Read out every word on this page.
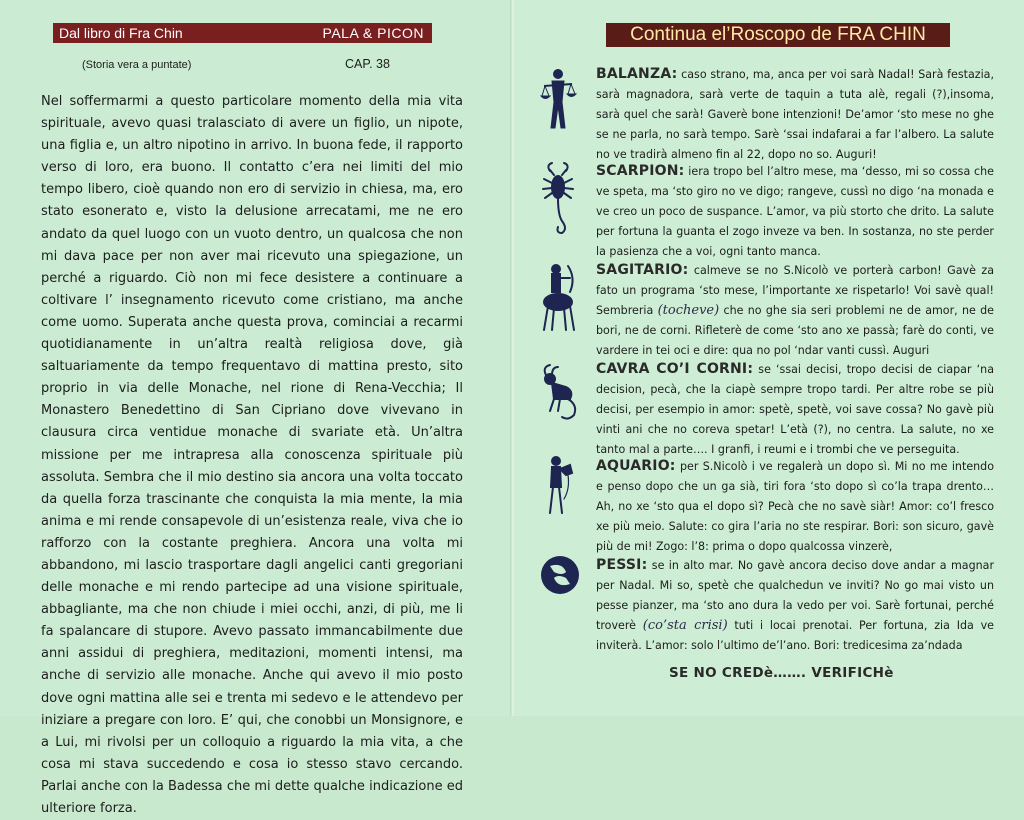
Dal libro di Fra Chin	PALA & PICON
(Storia vera a puntate)	CAP. 38
Nel soffermarmi a questo particolare momento della mia vita spirituale, avevo quasi tralasciato di avere un figlio, un nipote, una figlia e, un altro nipotino in arrivo. In buona fede, il rapporto verso di loro, era buono. Il contatto c’era nei limiti del mio tempo libero, cioè quando non ero di servizio in chiesa, ma, ero stato esonerato e, visto la delusione arrecatami, me ne ero andato da quel luogo con un vuoto dentro, un qualcosa che non mi dava pace per non aver mai ricevuto una spiegazione, un perché a riguardo. Ciò non mi fece desistere a continuare a coltivare l’ insegnamento ricevuto come cristiano, ma anche come uomo. Superata anche questa prova, cominciai a recarmi quotidianamente in un’altra realtà religiosa dove, già saltuariamente da tempo frequentavo di mattina presto, sito proprio in via delle Monache, nel rione di Rena-Vecchia; Il Monastero Benedettino di San Cipriano dove vivevano in clausura circa ventidue monache di svariate età. Un’altra missione per me intrapresa alla conoscenza spirituale più assoluta. Sembra che il mio destino sia ancora una volta toccato da quella forza trascinante che conquista la mia mente, la mia anima e mi rende consapevole di un’esistenza reale, viva che io rafforzo con la costante preghiera. Ancora una volta mi abbandono, mi lascio trasportare dagli angelici canti gregoriani delle monache e mi rendo partecipe ad una visione spirituale, abbagliante, ma che non chiude i miei occhi, anzi, di più, me li fa spalancare di stupore. Avevo passato immancabilmente due anni assidui di preghiera, meditazioni, momenti intensi, ma anche di servizio alle monache. Anche qui avevo il mio posto dove ogni mattina alle sei e trenta mi sedevo e le attendevo per iniziare a pregare con loro. E’ qui, che conobbi un Monsignore, e a Lui, mi rivolsi per un colloquio a riguardo la mia vita, a che cosa mi stava succedendo e cosa io stesso stavo cercando. Parlai anche con la Badessa che mi dette qualche indicazione ed ulteriore forza.
Continua el’Roscopo de FRA CHIN
BALANZA: caso strano, ma, anca per voi sarà Nadal! Sarà festazia, sarà magnadora, sarà verte de taquin a tuta alè, regali (?),insoma, sarà quel che sarà! Gaverè bone intenzioni! De’amor ‘sto mese no ghe se ne parla, no sarà tempo. Sarè ‘ssai indafarai a far l’albero. La salute no ve tradirà almeno fin al 22, dopo no so. Auguri!
SCARPION: iera tropo bel l’altro mese, ma ‘desso, mi so cossa che ve speta, ma ‘sto giro no ve digo; rangeve, cussì no digo ‘na monada e ve creo un poco de suspance. L’amor, va più storto che drito. La salute per fortuna la guanta el zogo inveze va ben. In sostanza, no ste perder la pasienza che a voi, ogni tanto manca.
SAGITARIO: calmeve se no S.Nicolò ve porterà carbon! Gavè za fato un programa ‘sto mese, l’importante xe rispetarlo! Voi savè qual! Sembreria (tocheve) che no ghe sia seri problemi ne de amor, ne de bori, ne de corni. Rifleterè de come ‘sto ano xe passà; farè do conti, ve vardere in tei oci e dire: qua no pol ‘ndar vanti cussì. Auguri
CAVRA CO’I CORNI: se ‘ssai decisi, tropo decisi de ciapar ‘na decision, pecà, che la ciapè sempre tropo tardi. Per altre robe se più decisi, per esempio in amor: spetè, spetè, voi save cossa? No gavè più vinti ani che no coreva spetar! L’età (?), no centra. La salute, no xe tanto mal a parte…. I granfi, i reumi e i trombi che ve perseguita.
AQUARIO: per S.Nicolò i ve regalerà un dopo sì. Mi no me intendo e penso dopo che un ga sià, tiri fora ‘sto dopo sì co’la trapa drento… Ah, no xe ‘sto qua el dopo sì? Pecà che no savè siàr! Amor: co’l fresco xe più meio. Salute: co gira l’aria no ste respirar. Bori: son sicuro, gavè più de mi! Zogo: l’8: prima o dopo qualcossa vinzerè,
PESSI: se in alto mar. No gavè ancora deciso dove andar a magnar per Nadal. Mi so, spetè che qualchedun ve inviti? No go mai visto un pesse pianzer, ma ‘sto ano dura la vedo per voi. Sarè fortunai, perché troverè (co’sta crisi) tuti i locai prenotai. Per fortuna, zia Ida ve inviterà. L’amor: solo l’ultimo de’l’ano. Bori: tredicesima za’ndada
SE NO CREDè……. VERIFICHè
